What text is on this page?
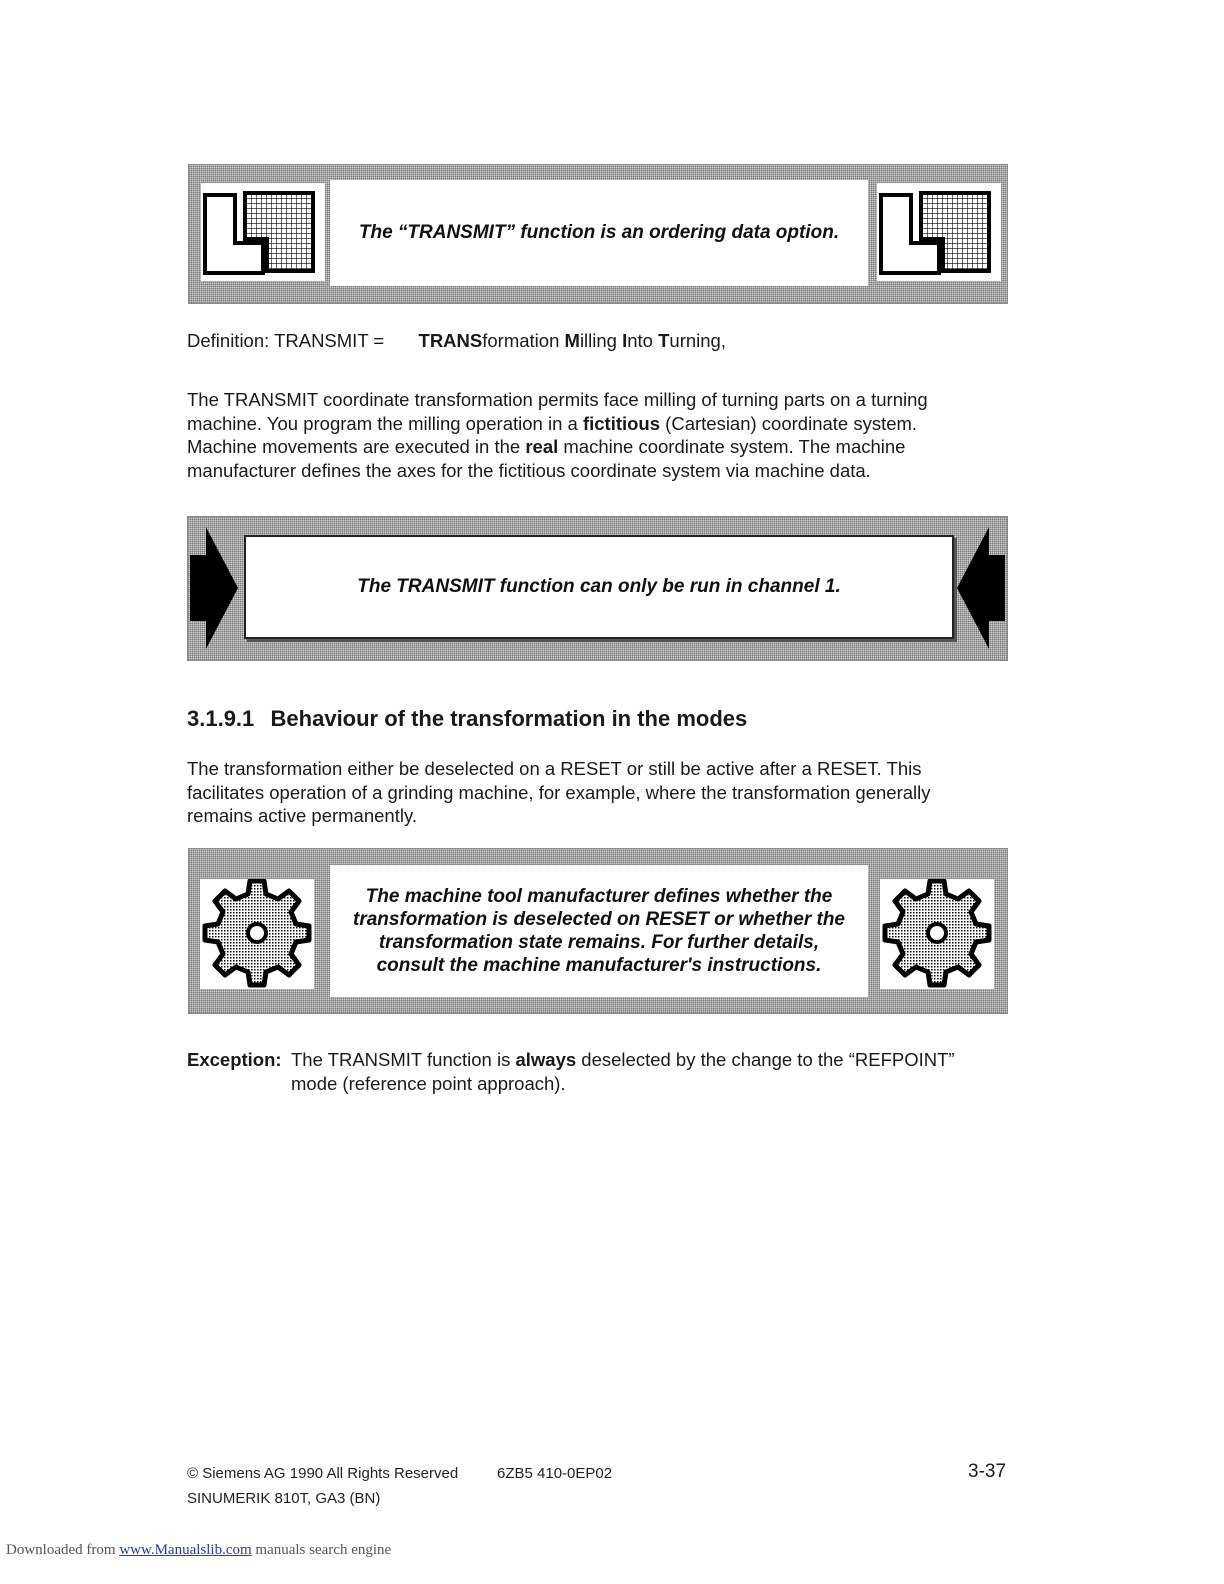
The “TRANSMIT” function is an ordering data option.
Definition: TRANSMIT = TRANSformation Milling Into Turning,
The TRANSMIT coordinate transformation permits face milling of turning parts on a turning machine. You program the milling operation in a fictitious (Cartesian) coordinate system. Machine movements are executed in the real machine coordinate system. The machine manufacturer defines the axes for the fictitious coordinate system via machine data.
The TRANSMIT function can only be run in channel 1.
3.1.9.1 Behaviour of the transformation in the modes
The transformation either be deselected on a RESET or still be active after a RESET. This facilitates operation of a grinding machine, for example, where the transformation generally remains active permanently.
The machine tool manufacturer defines whether the
transformation is deselected on RESET or whether the
transformation state remains. For further details,
consult the machine manufacturer's instructions.
Exception: The TRANSMIT function is always deselected by the change to the “REFPOINT”
mode (reference point approach).
© Siemens AG 1990 All Rights Reserved	6ZB5 410-0EP02	3-37
SINUMERIK 810T, GA3 (BN)
Downloaded from www.Manualslib.com manuals search engine
